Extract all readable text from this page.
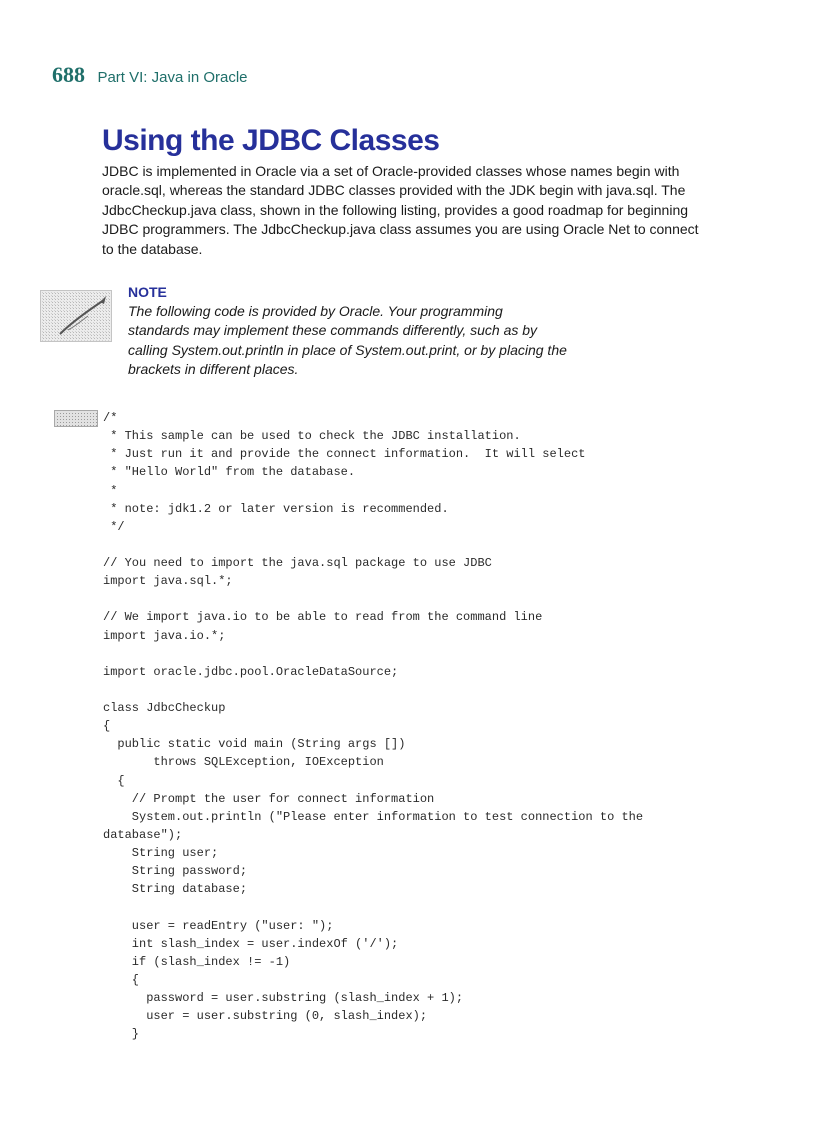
688 Part VI: Java in Oracle
Using the JDBC Classes

JDBC is implemented in Oracle via a set of Oracle-provided classes whose names begin with oracle.sql, whereas the standard JDBC classes provided with the JDK begin with java.sql. The JdbcCheckup.java class, shown in the following listing, provides a good roadmap for beginning JDBC programmers. The JdbcCheckup.java class assumes you are using Oracle Net to connect to the database.

NOTE

The following code is provided by Oracle. Your programming standards may implement these commands differently, such as by calling System.out.println in place of System.out.print, or by placing the brackets in different places.

/*
* This sample can be used to check the JDBC installation.
* Just run it and provide the connect information.  It will select
* "Hello World" from the database.
*
* note: jdk1.2 or later version is recommended.
*/

// You need to import the java.sql package to use JDBC
import java.sql.*;

// We import java.io to be able to read from the command line
import java.io.*;

import oracle.jdbc.pool.OracleDataSource;

class JdbcCheckup
{
public static void main (String args [])
throws SQLException, IOException
{
// Prompt the user for connect information
System.out.println ("Please enter information to test connection to the
database");
String user;
String password;
String database;

user = readEntry ("user: ");
int slash_index = user.indexOf ('/');
if (slash_index != -1)
{
password = user.substring (slash_index + 1);
user = user.substring (0, slash_index);
}
